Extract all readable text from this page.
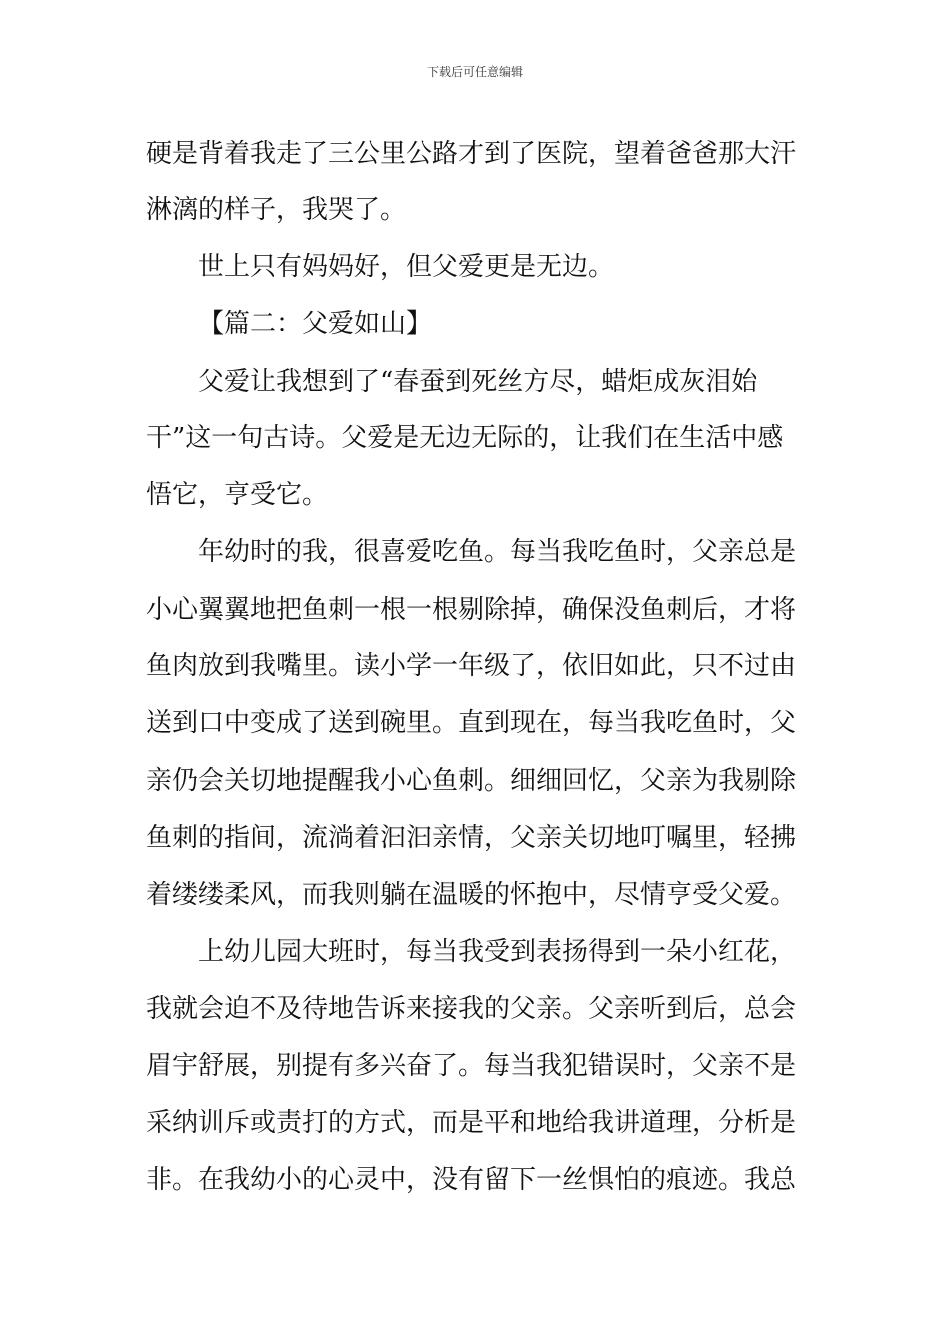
下载后可任意编辑
硬是背着我走了三公里公路才到了医院，望着爸爸那大汗
淋漓的样子，我哭了。
世上只有妈妈好，但父爱更是无边。
【篇二：父爱如山】
父爱让我想到了“春蚕到死丝方尽，蜡炬成灰泪始
干”这一句古诗。父爱是无边无际的，让我们在生活中感
悟它，亨受它。
年幼时的我，很喜爱吃鱼。每当我吃鱼时，父亲总是
小心翼翼地把鱼刺一根一根剔除掉，确保没鱼刺后，才将
鱼肉放到我嘴里。读小学一年级了，依旧如此，只不过由
送到口中变成了送到碗里。直到现在，每当我吃鱼时，父
亲仍会关切地提醒我小心鱼刺。细细回忆，父亲为我剔除
鱼刺的指间，流淌着汩汩亲情，父亲关切地叮嘱里，轻拂
着缕缕柔风，而我则躺在温暖的怀抱中，尽情亨受父爱。
上幼儿园大班时，每当我受到表扬得到一朵小红花，
我就会迫不及待地告诉来接我的父亲。父亲听到后，总会
眉宇舒展，别提有多兴奋了。每当我犯错误时，父亲不是
采纳训斥或责打的方式，而是平和地给我讲道理，分析是
非。在我幼小的心灵中，没有留下一丝惧怕的痕迹。我总
